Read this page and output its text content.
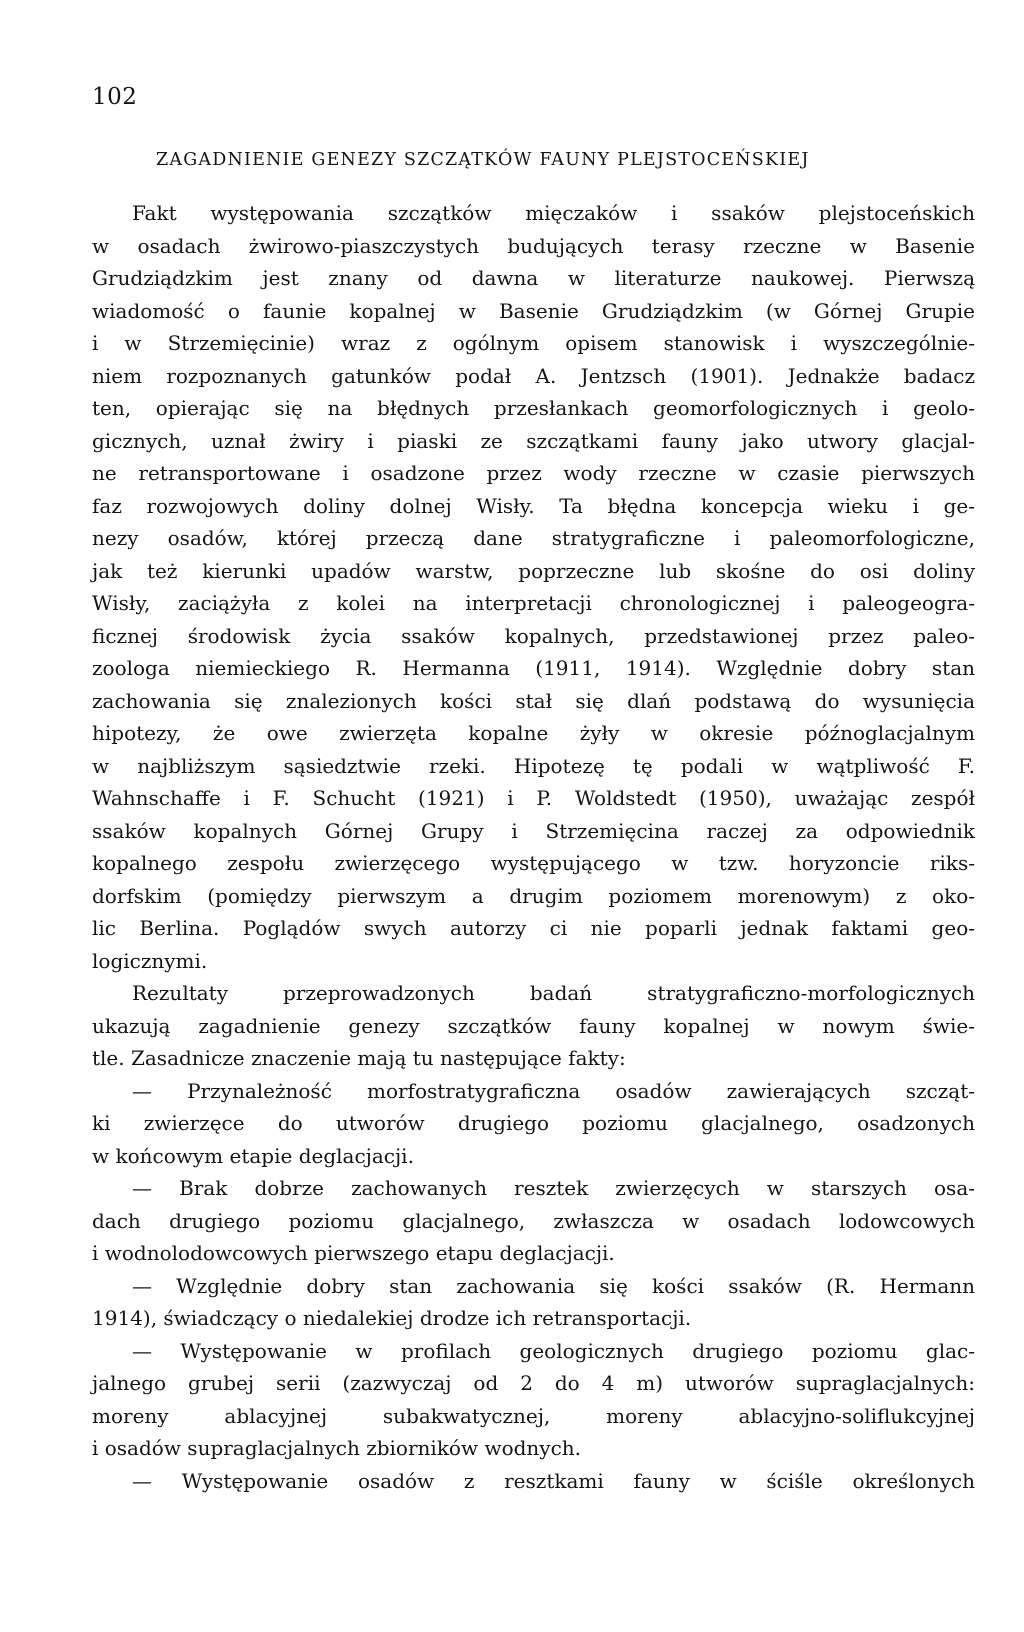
102
ZAGADNIENIE GENEZY SZCZĄTKÓW FAUNY PLEJSTOCEŃSKIEJ
Fakt występowania szczątków mięczaków i ssaków plejstoceńskich
w osadach żwirowo-piaszczystych budujących terasy rzeczne w Basenie
Grudziądzkim jest znany od dawna w literaturze naukowej. Pierwszą
wiadomość o faunie kopalnej w Basenie Grudziądzkim (w Górnej Grupie
i w Strzemięcinie) wraz z ogólnym opisem stanowisk i wyszczególnie-
niem rozpoznanych gatunków podał A. Jentzsch (1901). Jednakże badacz
ten, opierając się na błędnych przesłankach geomorfologicznych i geolo-
gicznych, uznał żwiry i piaski ze szczątkami fauny jako utwory glacjal-
ne retransportowane i osadzone przez wody rzeczne w czasie pierwszych
faz rozwojowych doliny dolnej Wisły. Ta błędna koncepcja wieku i ge-
nezy osadów, której przeczą dane stratygraficzne i paleomorfologiczne,
jak też kierunki upadów warstw, poprzeczne lub skośne do osi doliny
Wisły, zaciążyła z kolei na interpretacji chronologicznej i paleogeogra-
ficznej środowisk życia ssaków kopalnych, przedstawionej przez paleo-
zoologa niemieckiego R. Hermanna (1911, 1914). Względnie dobry stan
zachowania się znalezionych kości stał się dlań podstawą do wysunięcia
hipotezy, że owe zwierzęta kopalne żyły w okresie późnoglacjalnym
w najbliższym sąsiedztwie rzeki. Hipotezę tę podali w wątpliwość F.
Wahnschaffe i F. Schucht (1921) i P. Woldstedt (1950), uważając zespół
ssaków kopalnych Górnej Grupy i Strzemięcina raczej za odpowiednik
kopalnego zespołu zwierzęcego występującego w tzw. horyzoncie riks-
dorfskim (pomiędzy pierwszym a drugim poziomem morenowym) z oko-
lic Berlina. Poglądów swych autorzy ci nie poparli jednak faktami geo-
logicznymi.
Rezultaty przeprowadzonych badań stratygraficzno-morfologicznych
ukazują zagadnienie genezy szczątków fauny kopalnej w nowym świe-
tle. Zasadnicze znaczenie mają tu następujące fakty:
— Przynależność morfostratygraficzna osadów zawierających szcząt-
ki zwierzęce do utworów drugiego poziomu glacjalnego, osadzonych
w końcowym etapie deglacjacji.
— Brak dobrze zachowanych resztek zwierzęcych w starszych osa-
dach drugiego poziomu glacjalnego, zwłaszcza w osadach lodowcowych
i wodnolodowcowych pierwszego etapu deglacjacji.
— Względnie dobry stan zachowania się kości ssaków (R. Hermann
1914), świadczący o niedalekiej drodze ich retransportacji.
— Występowanie w profilach geologicznych drugiego poziomu glac-
jalnego grubej serii (zazwyczaj od 2 do 4 m) utworów supraglacjalnych:
moreny ablacyjnej subakwatycznej, moreny ablacyjno-soliflukcyjnej
i osadów supraglacjalnych zbiorników wodnych.
— Występowanie osadów z resztkami fauny w ściśle określonych
